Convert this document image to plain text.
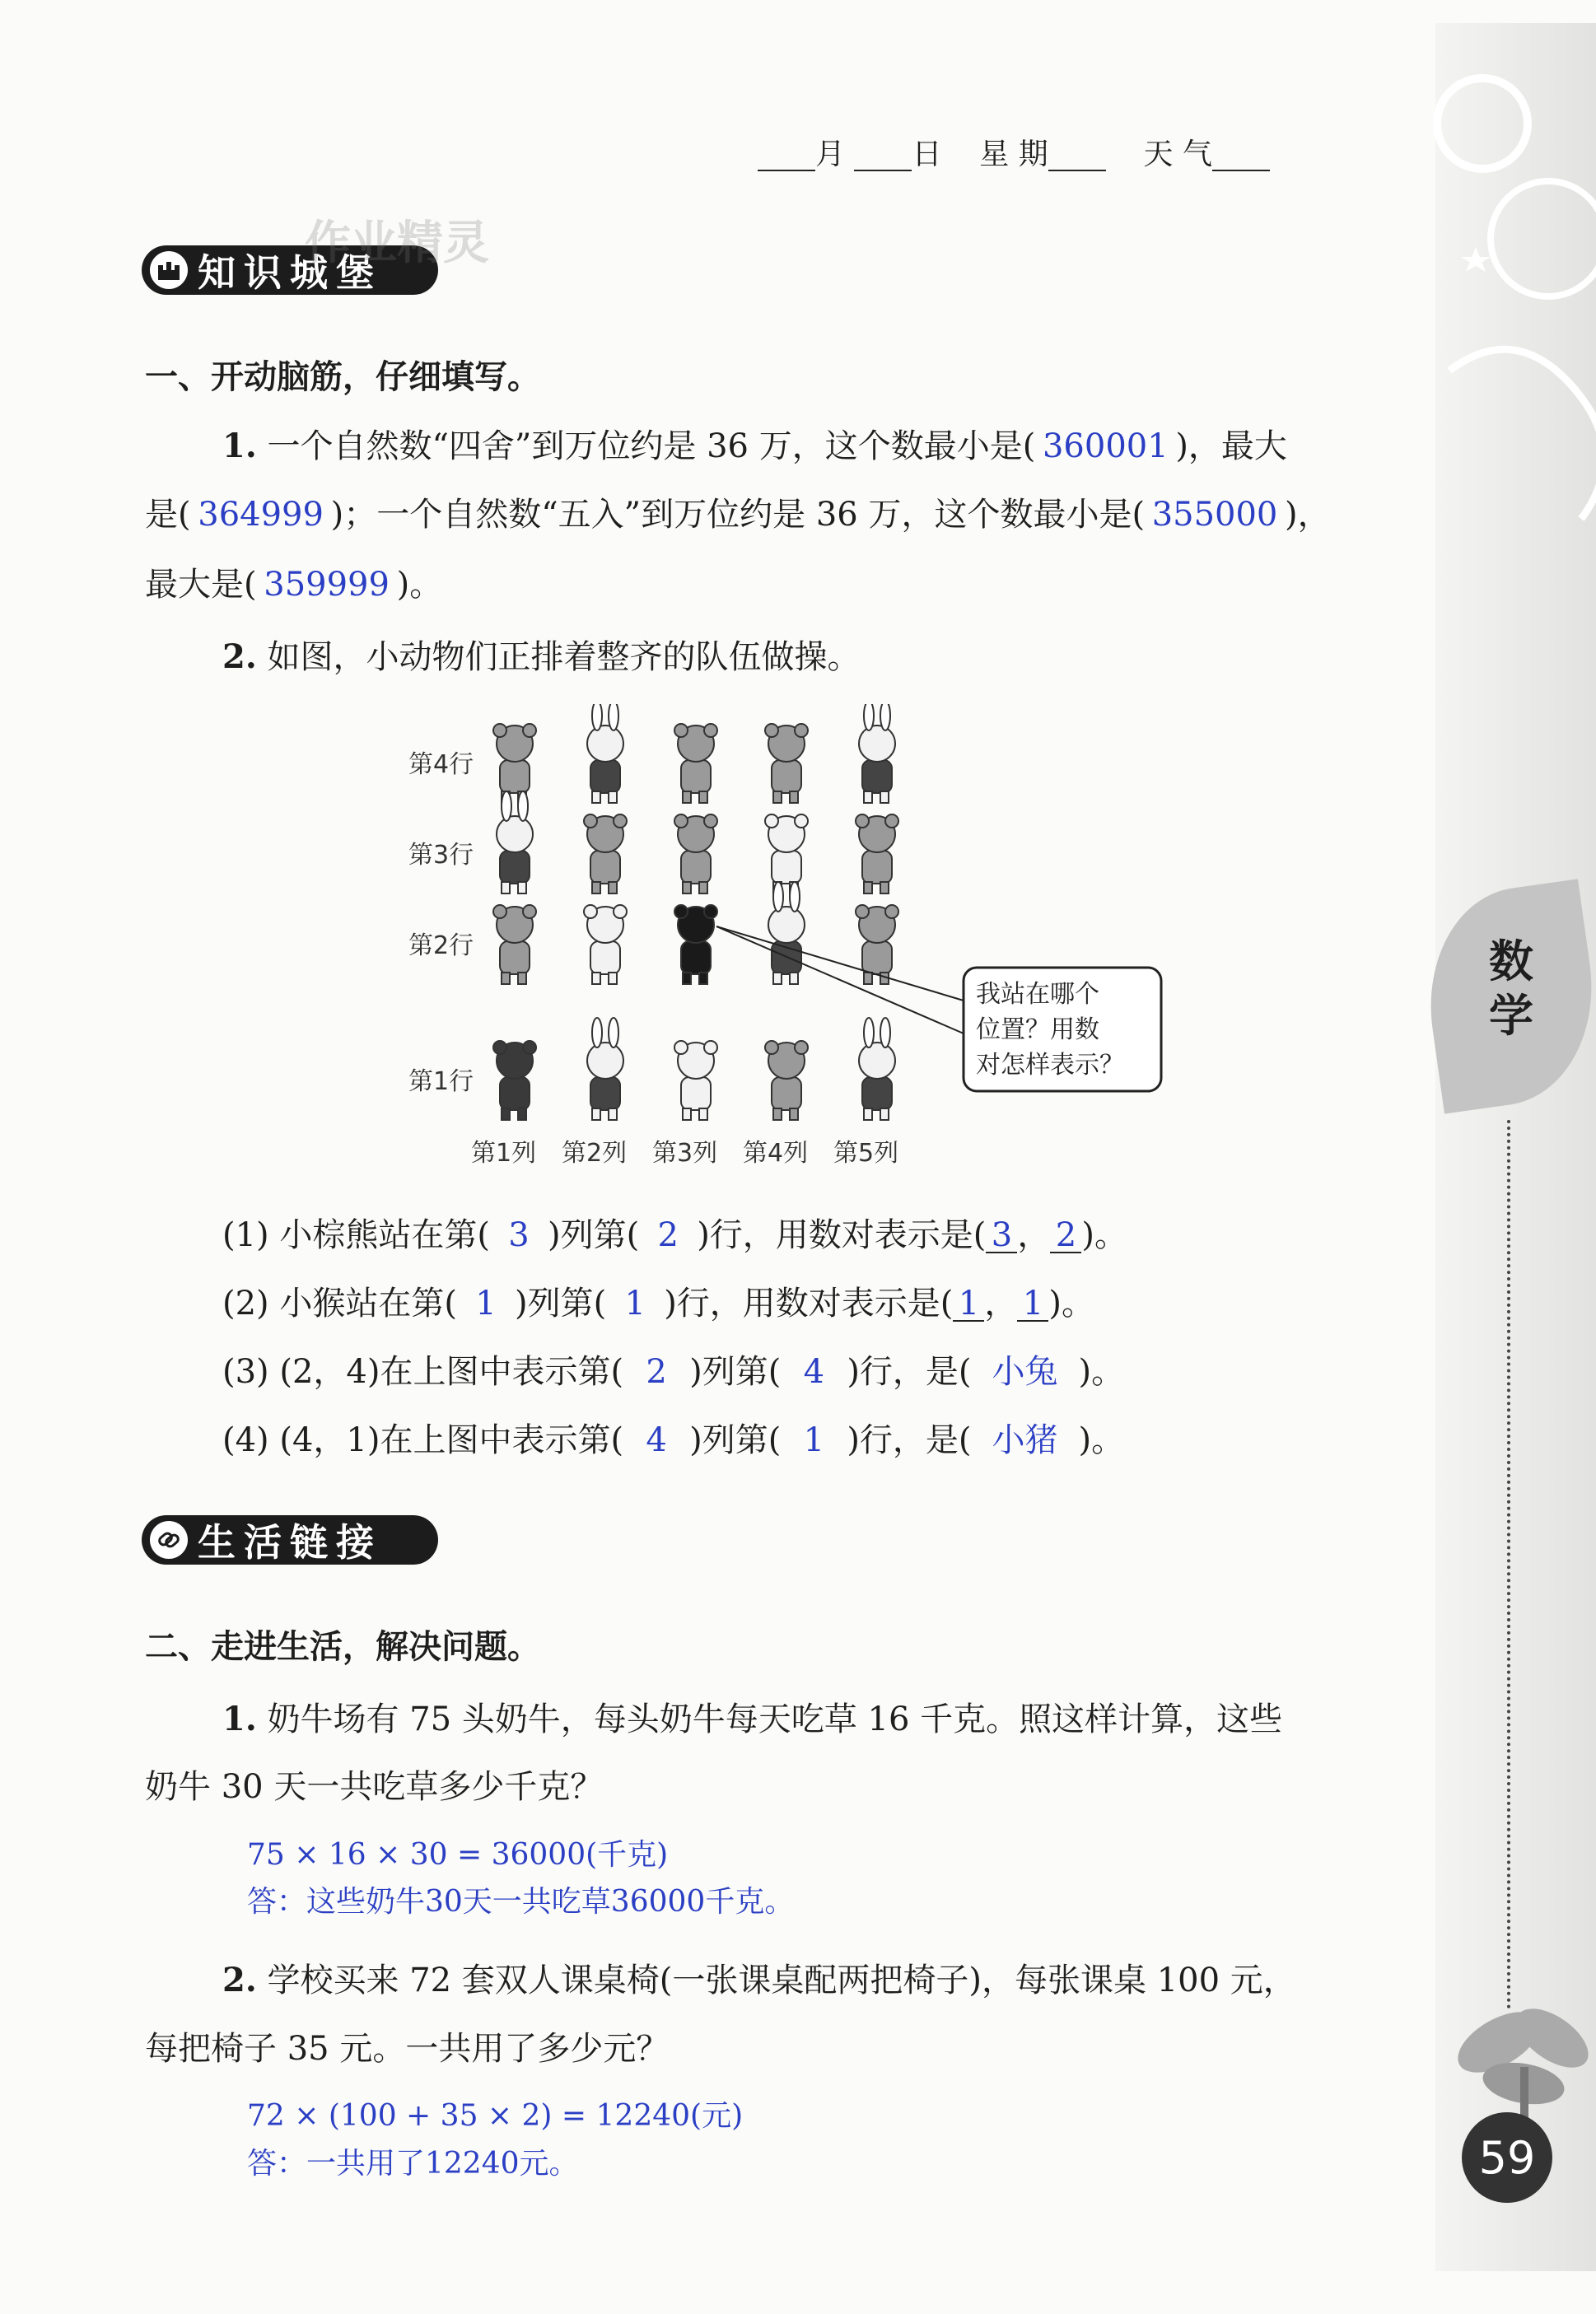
数
学
59
月 日 星 期	天 气
知识城堡
作业精灵
一、开动脑筋，仔细填写。
1. 一个自然数“四舍”到万位约是 36 万，这个数最小是( 360001 )，最大
是( 364999 )；一个自然数“五入”到万位约是 36 万，这个数最小是( 355000 )，
最大是( 359999 )。
2. 如图，小动物们正排着整齐的队伍做操。
第4行
第3行
第2行
第1行
第1列 第2列 第3列 第4列 第5列
我站在哪个
位置？用数
对怎样表示？
(1) 小棕熊站在第( 3 )列第( 2 )行，用数对表示是( 3 ， 2 )。
(2) 小猴站在第( 1 )列第( 1 )行，用数对表示是( 1 ， 1 )。
(3) (2，4)在上图中表示第( 2 )列第( 4 )行，是( 小兔 )。
(4) (4，1)在上图中表示第( 4 )列第( 1 )行，是( 小猪 )。
生活链接
二、走进生活，解决问题。
1. 奶牛场有 75 头奶牛，每头奶牛每天吃草 16 千克。照这样计算，这些
奶牛 30 天一共吃草多少千克？
75 × 16 × 30 = 36000(千克)
答：这些奶牛30天一共吃草36000千克。
2. 学校买来 72 套双人课桌椅(一张课桌配两把椅子)，每张课桌 100 元，
每把椅子 35 元。一共用了多少元？
72 × (100 + 35 × 2) = 12240(元)
答：一共用了12240元。
